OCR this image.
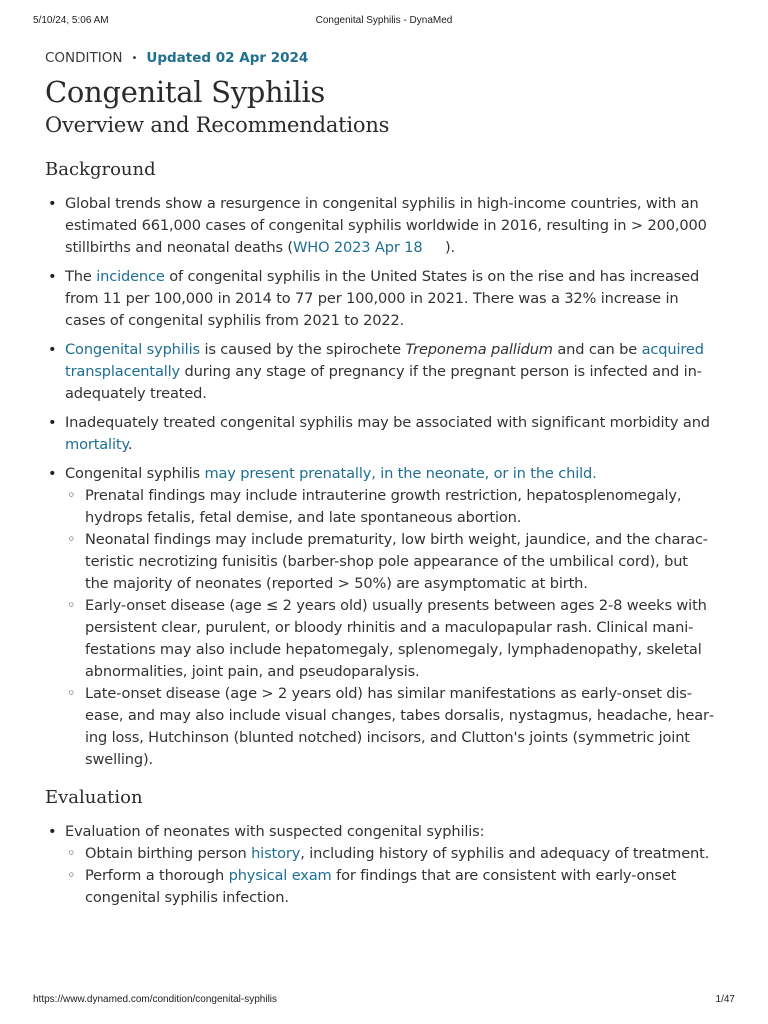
5/10/24, 5:06 AM	Congenital Syphilis - DynaMed
CONDITION • Updated 02 Apr 2024
Congenital Syphilis
Overview and Recommendations
Background
• Global trends show a resurgence in congenital syphilis in high-income countries, with an estimated 661,000 cases of congenital syphilis worldwide in 2016, resulting in > 200,000 stillbirths and neonatal deaths (WHO 2023 Apr 18 ).
• The incidence of congenital syphilis in the United States is on the rise and has increased from 11 per 100,000 in 2014 to 77 per 100,000 in 2021. There was a 32% increase in cases of congenital syphilis from 2021 to 2022.
• Congenital syphilis is caused by the spirochete Treponema pallidum and can be acquired transplacentally during any stage of pregnancy if the pregnant person is infected and inadequately treated.
• Inadequately treated congenital syphilis may be associated with significant morbidity and mortality.
• Congenital syphilis may present prenatally, in the neonate, or in the child.
◦ Prenatal findings may include intrauterine growth restriction, hepatosplenomegaly, hydrops fetalis, fetal demise, and late spontaneous abortion.
◦ Neonatal findings may include prematurity, low birth weight, jaundice, and the characteristic necrotizing funisitis (barber-shop pole appearance of the umbilical cord), but the majority of neonates (reported > 50%) are asymptomatic at birth.
◦ Early-onset disease (age ≤ 2 years old) usually presents between ages 2-8 weeks with persistent clear, purulent, or bloody rhinitis and a maculopapular rash. Clinical manifestations may also include hepatomegaly, splenomegaly, lymphadenopathy, skeletal abnormalities, joint pain, and pseudoparalysis.
◦ Late-onset disease (age > 2 years old) has similar manifestations as early-onset disease, and may also include visual changes, tabes dorsalis, nystagmus, headache, hearing loss, Hutchinson (blunted notched) incisors, and Clutton's joints (symmetric joint swelling).
Evaluation
• Evaluation of neonates with suspected congenital syphilis:
◦ Obtain birthing person history, including history of syphilis and adequacy of treatment.
◦ Perform a thorough physical exam for findings that are consistent with early-onset congenital syphilis infection.
https://www.dynamed.com/condition/congenital-syphilis	1/47
